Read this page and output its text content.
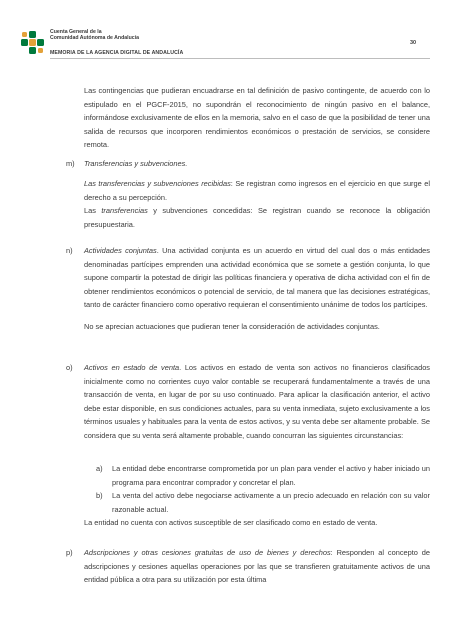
Cuenta General de la
Comunidad Autónoma de Andalucía
MEMORIA DE LA AGENCIA DIGITAL DE ANDALUCÍA
30
Las contingencias que pudieran encuadrarse en tal definición de pasivo contingente, de acuerdo con lo estipulado en el PGCF-2015, no supondrán el reconocimiento de ningún pasivo en el balance, informándose exclusivamente de ellos en la memoria, salvo en el caso de que la posibilidad de tener una salida de recursos que incorporen rendimientos económicos o prestación de servicios, se considere remota.
m) Transferencias y subvenciones.
Las transferencias y subvenciones recibidas: Se registran como ingresos en el ejercicio en que surge el derecho a su percepción.
Las transferencias y subvenciones concedidas: Se registran cuando se reconoce la obligación presupuestaria.
n) Actividades conjuntas. Una actividad conjunta es un acuerdo en virtud del cual dos o más entidades denominadas partícipes emprenden una actividad económica que se somete a gestión conjunta, lo que supone compartir la potestad de dirigir las políticas financiera y operativa de dicha actividad con el fin de obtener rendimientos económicos o potencial de servicio, de tal manera que las decisiones estratégicas, tanto de carácter financiero como operativo requieran el consentimiento unánime de todos los partícipes.
No se aprecian actuaciones que pudieran tener la consideración de actividades conjuntas.
o) Activos en estado de venta. Los activos en estado de venta son activos no financieros clasificados inicialmente como no corrientes cuyo valor contable se recuperará fundamentalmente a través de una transacción de venta, en lugar de por su uso continuado. Para aplicar la clasificación anterior, el activo debe estar disponible, en sus condiciones actuales, para su venta inmediata, sujeto exclusivamente a los términos usuales y habituales para la venta de estos activos, y su venta debe ser altamente probable. Se considera que su venta será altamente probable, cuando concurran las siguientes circunstancias:
a) La entidad debe encontrarse comprometida por un plan para vender el activo y haber iniciado un programa para encontrar comprador y concretar el plan.
b) La venta del activo debe negociarse activamente a un precio adecuado en relación con su valor razonable actual.
La entidad no cuenta con activos susceptible de ser clasificado como en estado de venta.
p) Adscripciones y otras cesiones gratuitas de uso de bienes y derechos: Responden al concepto de adscripciones y cesiones aquellas operaciones por las que se transfieren gratuitamente activos de una entidad pública a otra para su utilización por esta última
